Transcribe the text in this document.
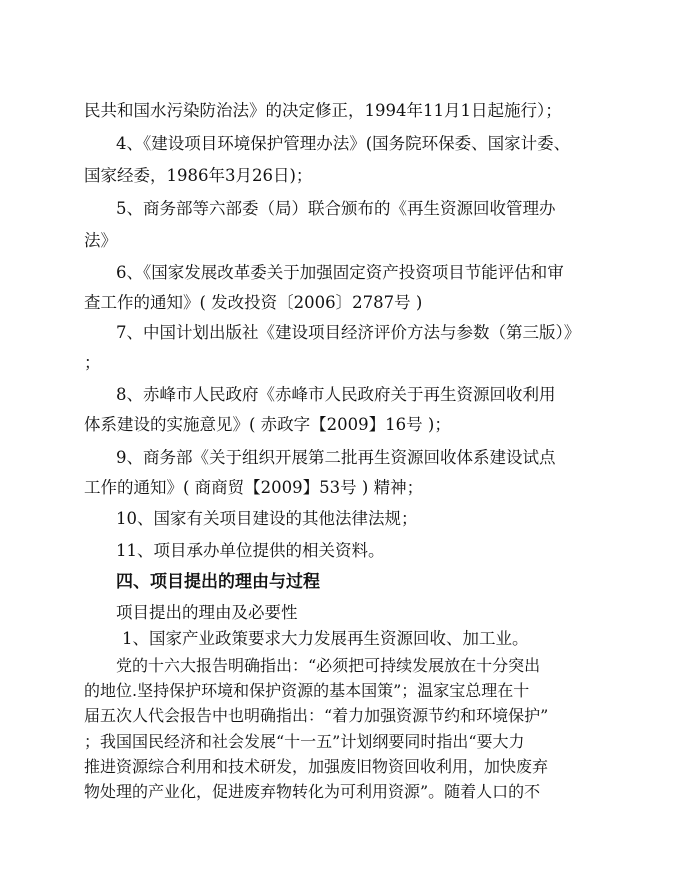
民共和国水污染防治法》的决定修正，1994年11月1日起施行）；
4、《建设项目环境保护管理办法》(国务院环保委、国家计委、
国家经委，1986年3月26日)；
5、商务部等六部委（局）联合颁布的《再生资源回收管理办
法》
6、《国家发展改革委关于加强固定资产投资项目节能评估和审
查工作的通知》( 发改投资〔2006〕2787号 )
7、中国计划出版社《建设项目经济评价方法与参数（第三版）》
；
8、赤峰市人民政府《赤峰市人民政府关于再生资源回收利用
体系建设的实施意见》( 赤政字【2009】16号 )；
9、商务部《关于组织开展第二批再生资源回收体系建设试点
工作的通知》( 商商贸【2009】53号 ) 精神；
10、国家有关项目建设的其他法律法规；
11、项目承办单位提供的相关资料。
四、项目提出的理由与过程
项目提出的理由及必要性
1、国家产业政策要求大力发展再生资源回收、加工业。
党的十六大报告明确指出：“必须把可持续发展放在十分突出
的地位.坚持保护环境和保护资源的基本国策”；温家宝总理在十
届五次人代会报告中也明确指出：“着力加强资源节约和环境保护”
；我国国民经济和社会发展“十一五”计划纲要同时指出“要大力
推进资源综合利用和技术研发，加强废旧物资回收利用，加快废弃
物处理的产业化，促进废弃物转化为可利用资源”。随着人口的不
